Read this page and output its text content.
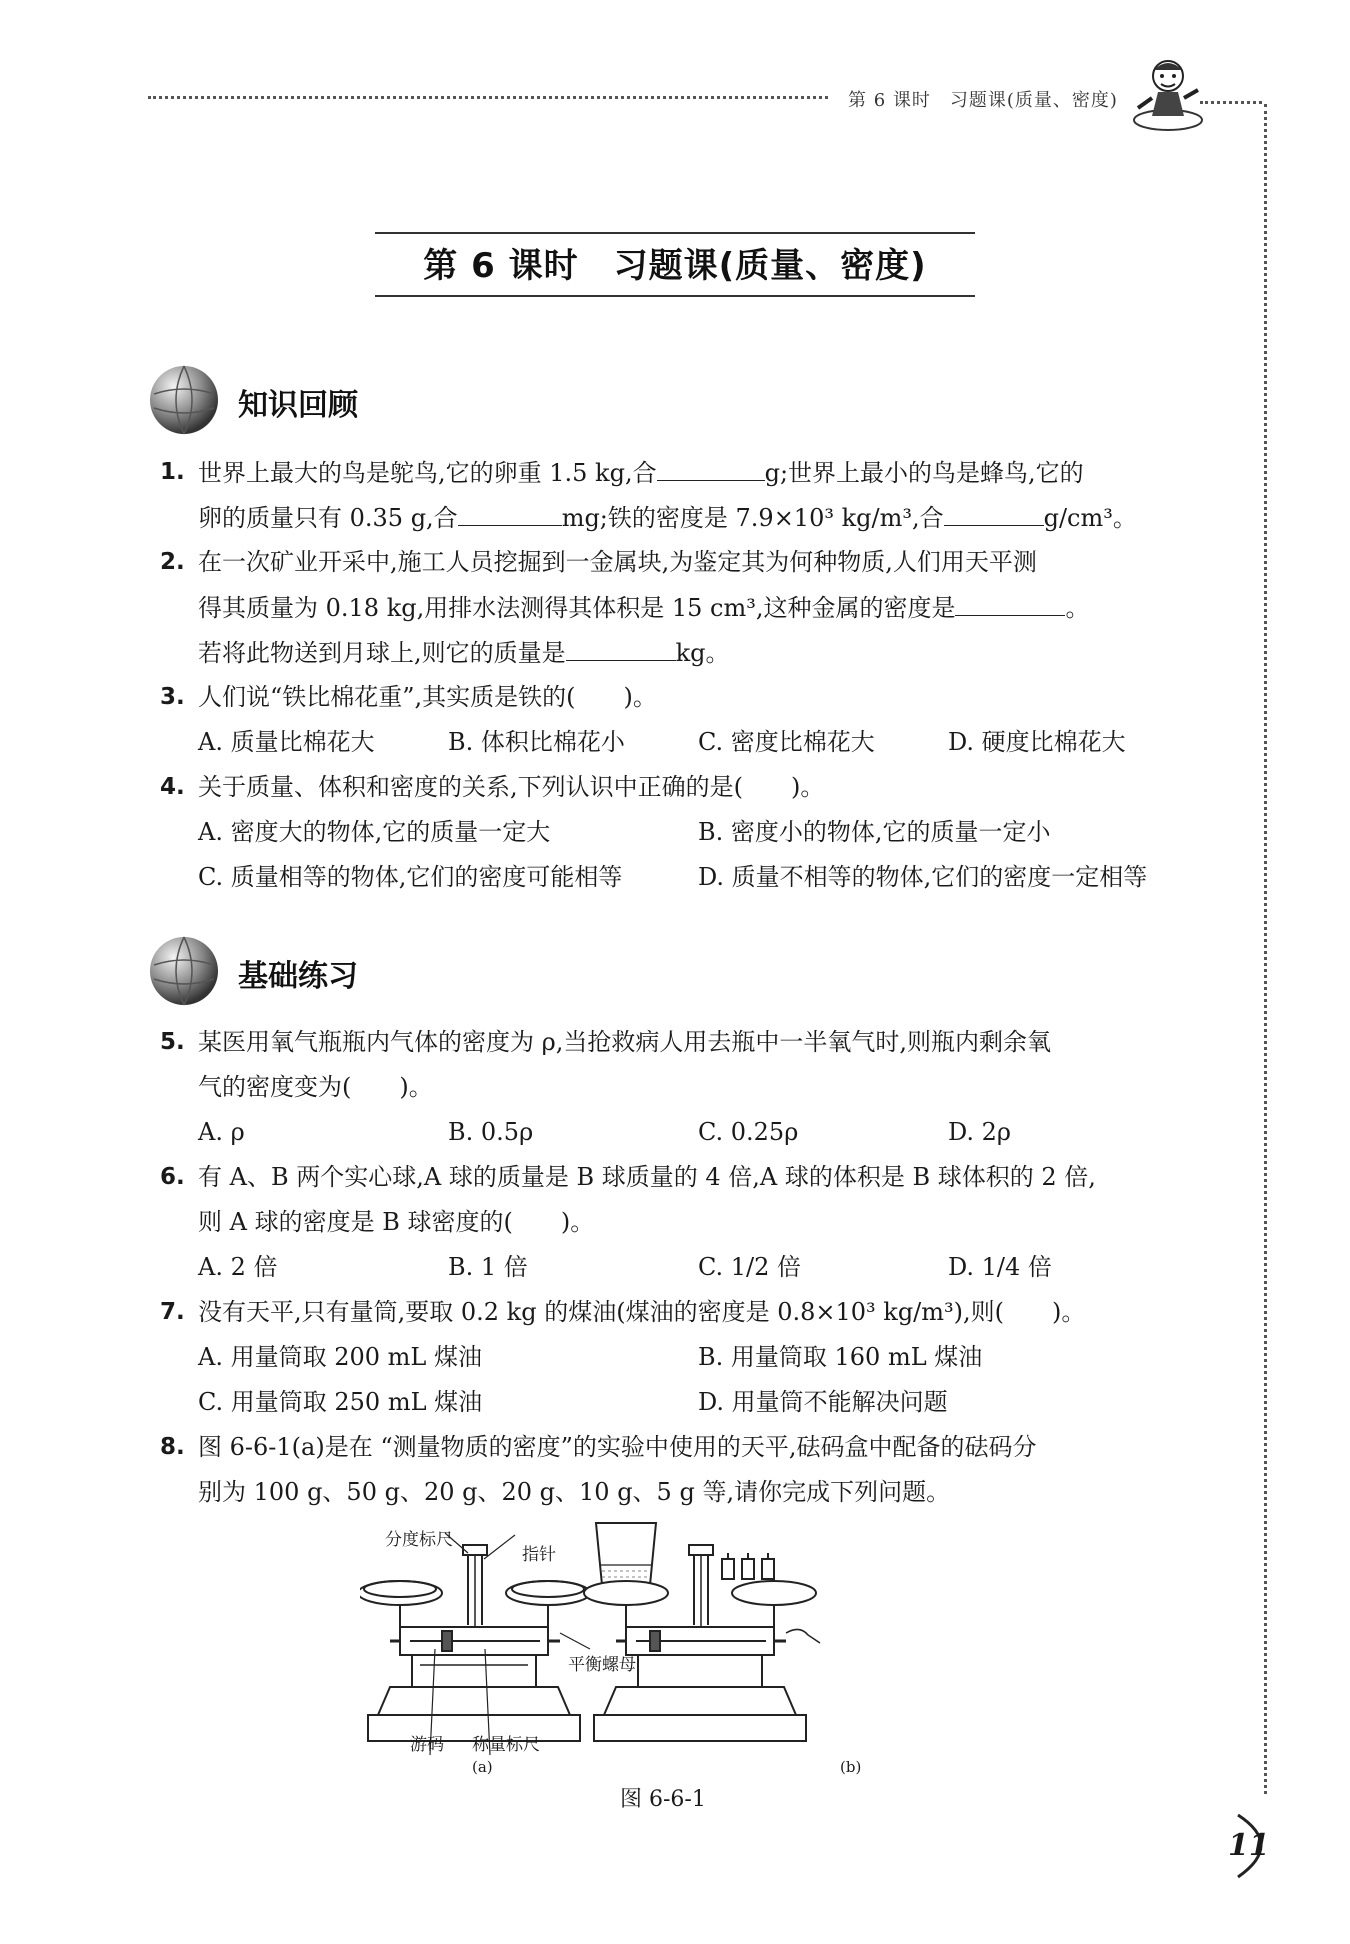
第 6 课时　习题课(质量、密度)
第 6 课时　习题课(质量、密度)
知识回顾
1. 世界上最大的鸟是鸵鸟,它的卵重 1.5 kg,合	g;世界上最小的鸟是蜂鸟,它的
卵的质量只有 0.35 g,合	mg;铁的密度是 7.9×10³ kg/m³,合	g/cm³。
2. 在一次矿业开采中,施工人员挖掘到一金属块,为鉴定其为何种物质,人们用天平测
得其质量为 0.18 kg,用排水法测得其体积是 15 cm³,这种金属的密度是	。
若将此物送到月球上,则它的质量是	kg。
3. 人们说“铁比棉花重”,其实质是铁的(　　)。
A. 质量比棉花大	B. 体积比棉花小	C. 密度比棉花大	D. 硬度比棉花大
4. 关于质量、体积和密度的关系,下列认识中正确的是(　　)。
A. 密度大的物体,它的质量一定大	B. 密度小的物体,它的质量一定小
C. 质量相等的物体,它们的密度可能相等	D. 质量不相等的物体,它们的密度一定相等
基础练习
5. 某医用氧气瓶瓶内气体的密度为 ρ,当抢救病人用去瓶中一半氧气时,则瓶内剩余氧
气的密度变为(　　)。
A. ρ	B. 0.5ρ	C. 0.25ρ	D. 2ρ
6. 有 A、B 两个实心球,A 球的质量是 B 球质量的 4 倍,A 球的体积是 B 球体积的 2 倍,
则 A 球的密度是 B 球密度的(　　)。
A. 2 倍	B. 1 倍	C. 1/2 倍	D. 1/4 倍
7. 没有天平,只有量筒,要取 0.2 kg 的煤油(煤油的密度是 0.8×10³ kg/m³),则(　　)。
A. 用量筒取 200 mL 煤油	B. 用量筒取 160 mL 煤油
C. 用量筒取 250 mL 煤油	D. 用量筒不能解决问题
8. 图 6-6-1(a)是在 “测量物质的密度”的实验中使用的天平,砝码盒中配备的砝码分
别为 100 g、50 g、20 g、20 g、10 g、5 g 等,请你完成下列问题。
分度标尺
指针
平衡螺母
游码 称量标尺
(a)	(b)
图 6-6-1
11
